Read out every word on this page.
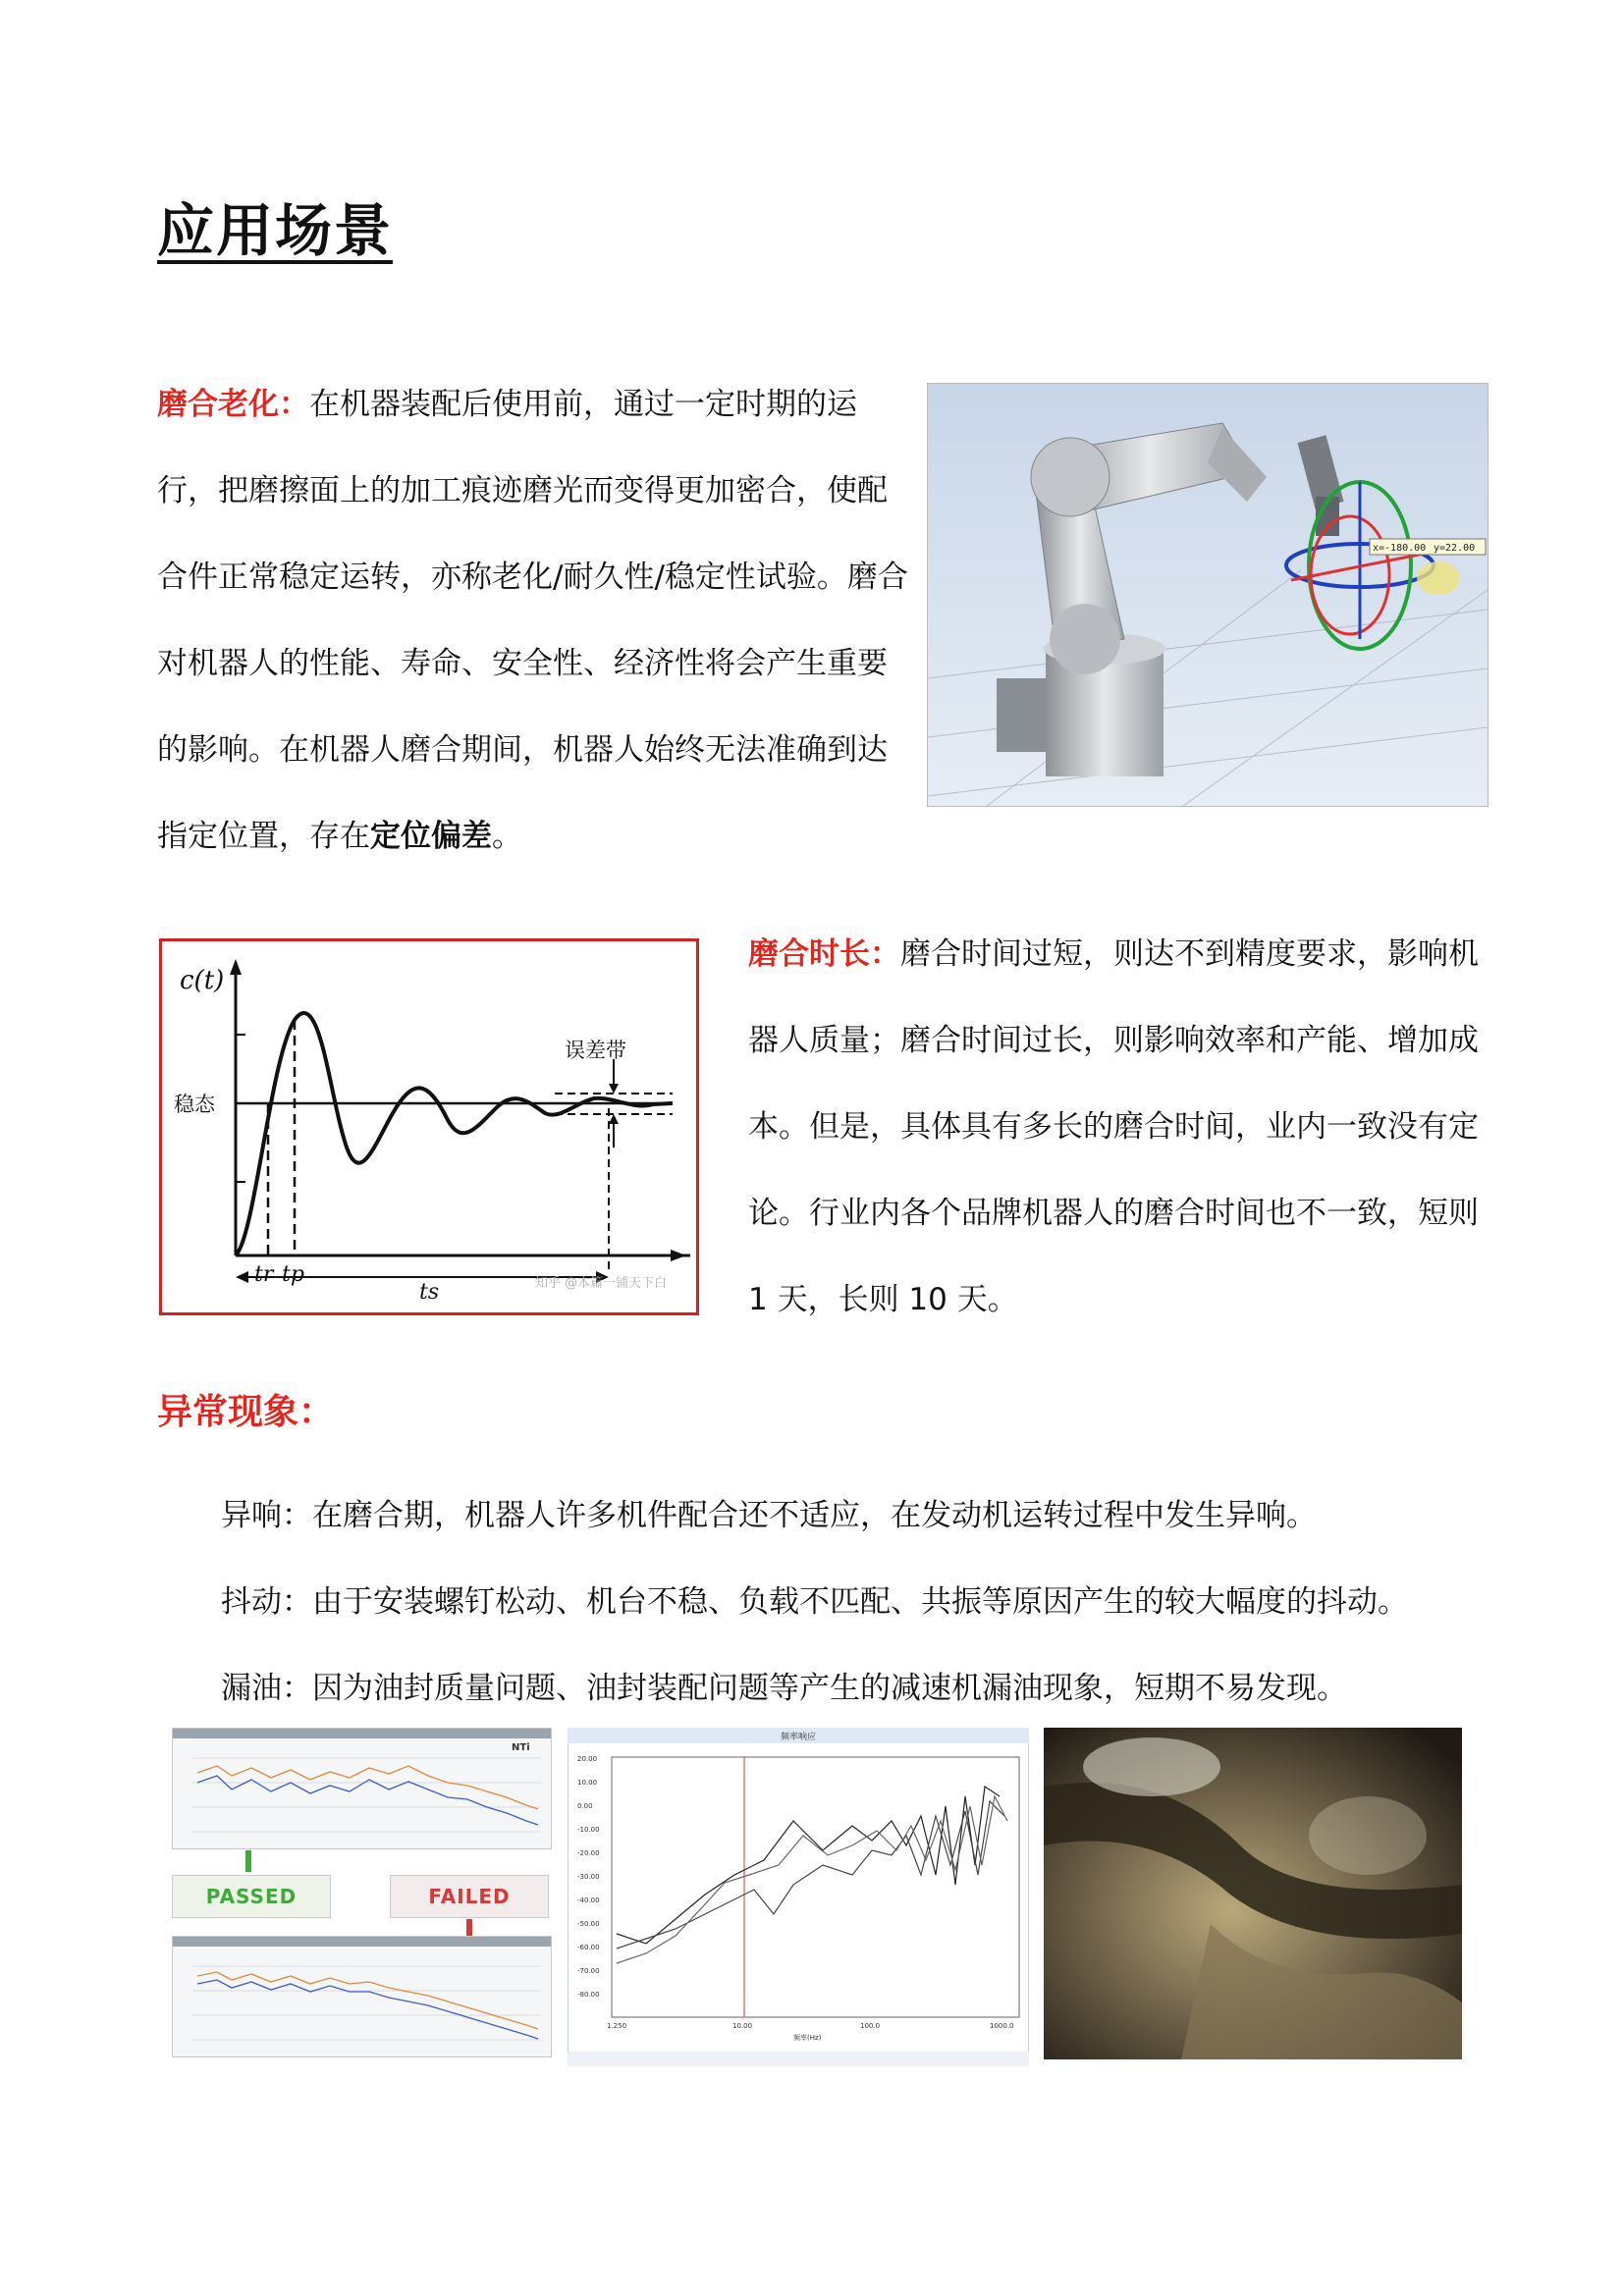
应用场景
磨合老化：在机器装配后使用前，通过一定时期的运行，把磨擦面上的加工痕迹磨光而变得更加密合，使配合件正常稳定运转，亦称老化/耐久性/稳定性试验。磨合对机器人的性能、寿命、安全性、经济性将会产生重要的影响。在机器人磨合期间，机器人始终无法准确到达指定位置，存在定位偏差。
x=-180.00 y=22.00
c(t)
稳态
误差带
tr tp
ts	知乎 @本篇一铺天下白
磨合时长：磨合时间过短，则达不到精度要求，影响机器人质量；磨合时间过长，则影响效率和产能、增加成本。但是，具体具有多长的磨合时间，业内一致没有定论。行业内各个品牌机器人的磨合时间也不一致，短则 1 天，长则 10 天。
异常现象：
异响：在磨合期，机器人许多机件配合还不适应，在发动机运转过程中发生异响。
抖动：由于安装螺钉松动、机台不稳、负载不匹配、共振等原因产生的较大幅度的抖动。
漏油：因为油封质量问题、油封装配问题等产生的减速机漏油现象，短期不易发现。
NTi
PASSED	FAILED
频率响应
20.00
10.00
0.00
-10.00
-20.00
-30.00
-40.00
-50.00
-60.00
-70.00
-80.00
1.250	10.00	100.0	1000.0
频率(Hz)
